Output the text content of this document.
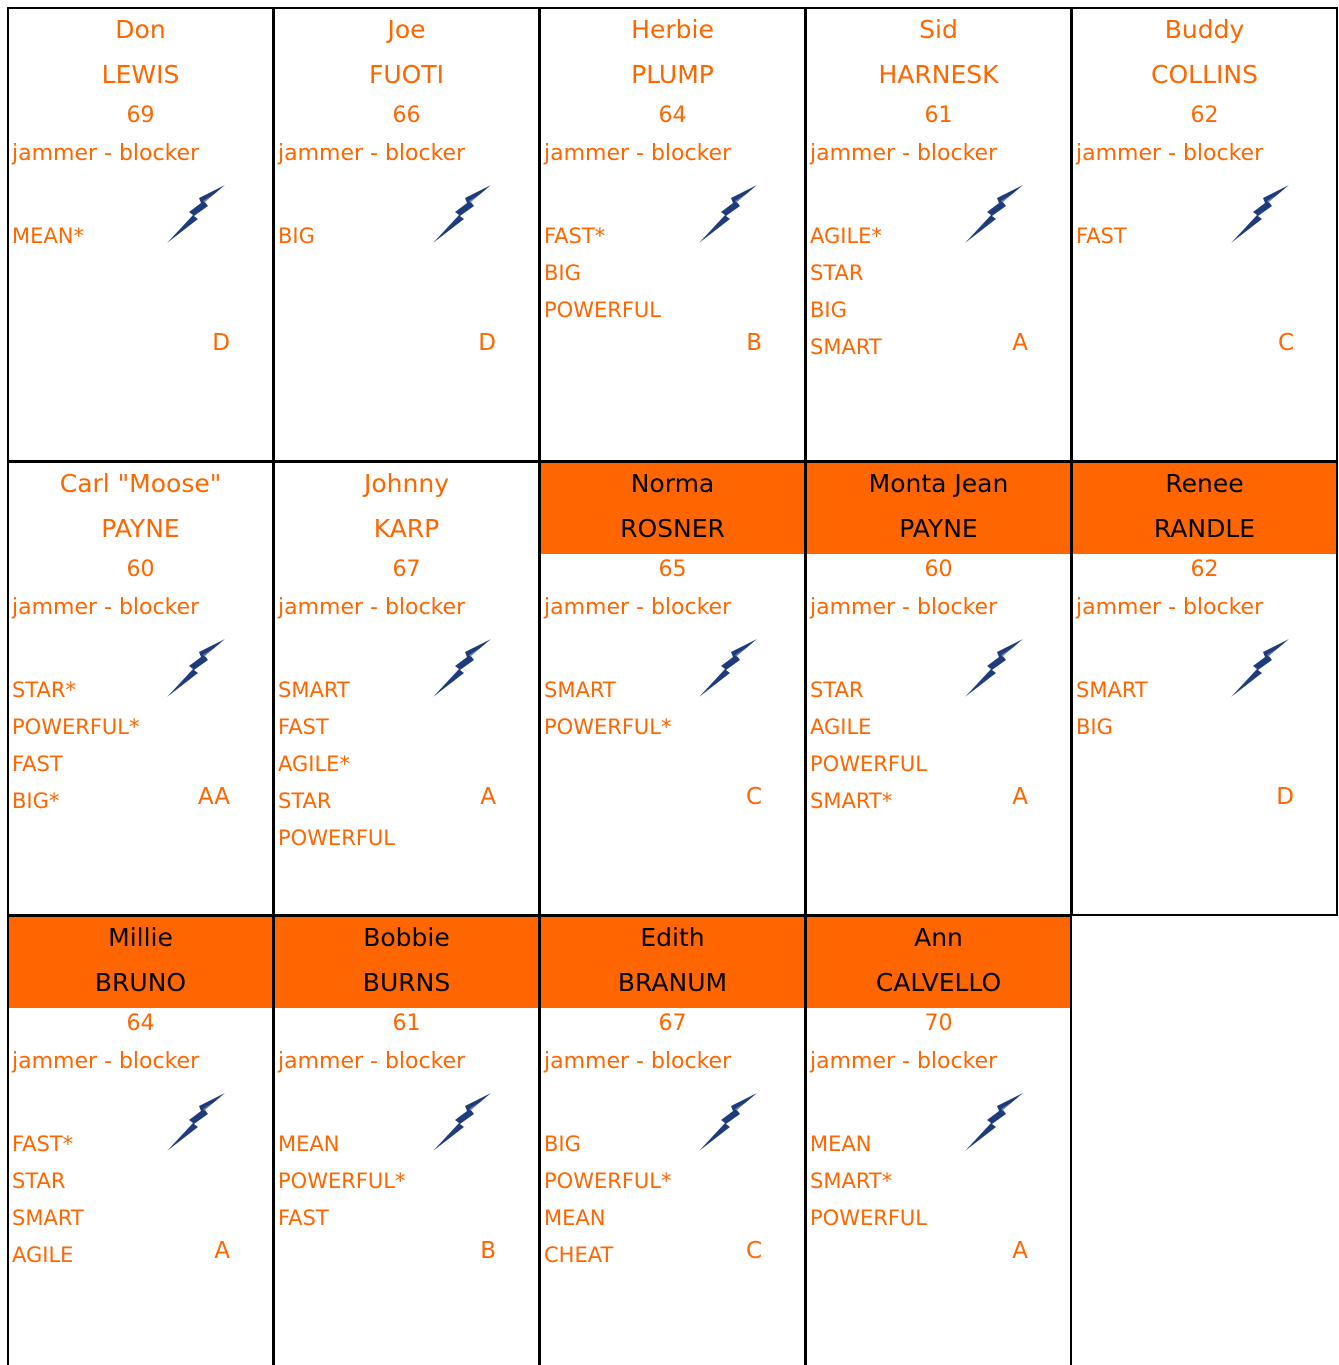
Don
LEWIS
69
jammer - blocker
MEAN*
D
Joe
FUOTI
66
jammer - blocker
BIG
D
Herbie
PLUMP
64
jammer - blocker
FAST*
BIG
POWERFUL
B
Sid
HARNESK
61
jammer - blocker
AGILE*
STAR
BIG
SMART	A
Buddy
COLLINS
62
jammer - blocker
FAST
C
Carl "Moose"
PAYNE
60
jammer - blocker
STAR*
POWERFUL*
FAST
BIG*	AA
Johnny
KARP
67
jammer - blocker
SMART
FAST
AGILE*
STAR
POWERFUL
A
Norma
ROSNER
65
jammer - blocker
SMART
POWERFUL*
C
Monta Jean
PAYNE
60
jammer - blocker
STAR
AGILE
POWERFUL
SMART*	A
Renee
RANDLE
62
jammer - blocker
SMART
BIG
D
Millie
BRUNO
64
jammer - blocker
FAST*
STAR
SMART
AGILE	A
Bobbie
BURNS
61
jammer - blocker
MEAN
POWERFUL*
FAST
B
Edith
BRANUM
67
jammer - blocker
BIG
POWERFUL*
MEAN
CHEAT	C
Ann
CALVELLO
70
jammer - blocker
MEAN
SMART*
POWERFUL
A
